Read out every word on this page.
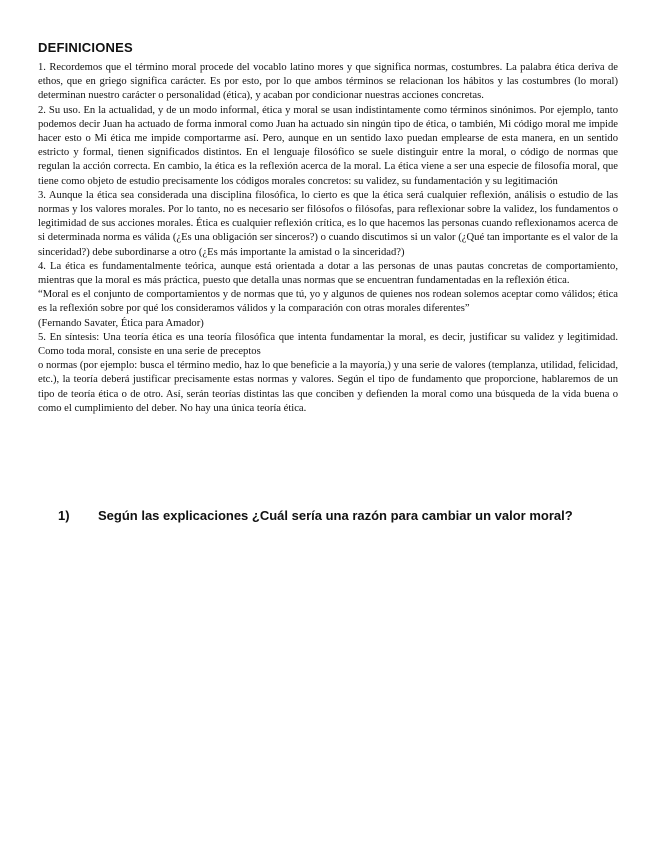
DEFINICIONES

1. Recordemos que el término moral procede del vocablo latino mores y que significa normas, costumbres. La palabra ética deriva de ethos, que en griego significa carácter. Es por esto, por lo que ambos términos se relacionan los hábitos y las costumbres (lo moral) determinan nuestro carácter o personalidad (ética), y acaban por condicionar nuestras acciones concretas.

2. Su uso. En la actualidad, y de un modo informal, ética y moral se usan indistintamente como términos sinónimos. Por ejemplo, tanto podemos decir Juan ha actuado de forma inmoral como Juan ha actuado sin ningún tipo de ética, o también, Mi código moral me impide hacer esto o Mi ética me impide comportarme así. Pero, aunque en un sentido laxo puedan emplearse de esta manera, en un sentido estricto y formal, tienen significados distintos. En el lenguaje filosófico se suele distinguir entre la moral, o código de normas que regulan la acción correcta. En cambio, la ética es la reflexión acerca de la moral. La ética viene a ser una especie de filosofía moral, que tiene como objeto de estudio precisamente los códigos morales concretos: su validez, su fundamentación y su legitimación

3. Aunque la ética sea considerada una disciplina filosófica, lo cierto es que la ética será cualquier reflexión, análisis o estudio de las normas y los valores morales. Por lo tanto, no es necesario ser filósofos o filósofas, para reflexionar sobre la validez, los fundamentos o legitimidad de sus acciones morales. Ética es cualquier reflexión crítica, es lo que hacemos las personas cuando reflexionamos acerca de si determinada norma es válida (¿Es una obligación ser sinceros?) o cuando discutimos si un valor (¿Qué tan importante es el valor de la sinceridad?) debe subordinarse a otro (¿Es más importante la amistad o la sinceridad?)

4. La ética es fundamentalmente teórica, aunque está orientada a dotar a las personas de unas pautas concretas de comportamiento, mientras que la moral es más práctica, puesto que detalla unas normas que se encuentran fundamentadas en la reflexión ética.

“Moral es el conjunto de comportamientos y de normas que tú, yo y algunos de quienes nos rodean solemos aceptar como válidos; ética es la reflexión sobre por qué los consideramos válidos y la comparación con otras morales diferentes”

(Fernando Savater, Ética para Amador)

5. En síntesis: Una teoría ética es una teoría filosófica que intenta fundamentar la moral, es decir, justificar su validez y legitimidad. Como toda moral, consiste en una serie de preceptos

o normas (por ejemplo: busca el término medio, haz lo que beneficie a la mayoría,) y una serie de valores (templanza, utilidad, felicidad, etc.), la teoría deberá justificar precisamente estas normas y valores. Según el tipo de fundamento que proporcione, hablaremos de un tipo de teoría ética o de otro. Así, serán teorías distintas las que conciben y defienden la moral como una búsqueda de la vida buena o como el cumplimiento del deber. No hay una única teoría ética.

1) Según las explicaciones ¿Cuál sería una razón para cambiar un valor moral?
